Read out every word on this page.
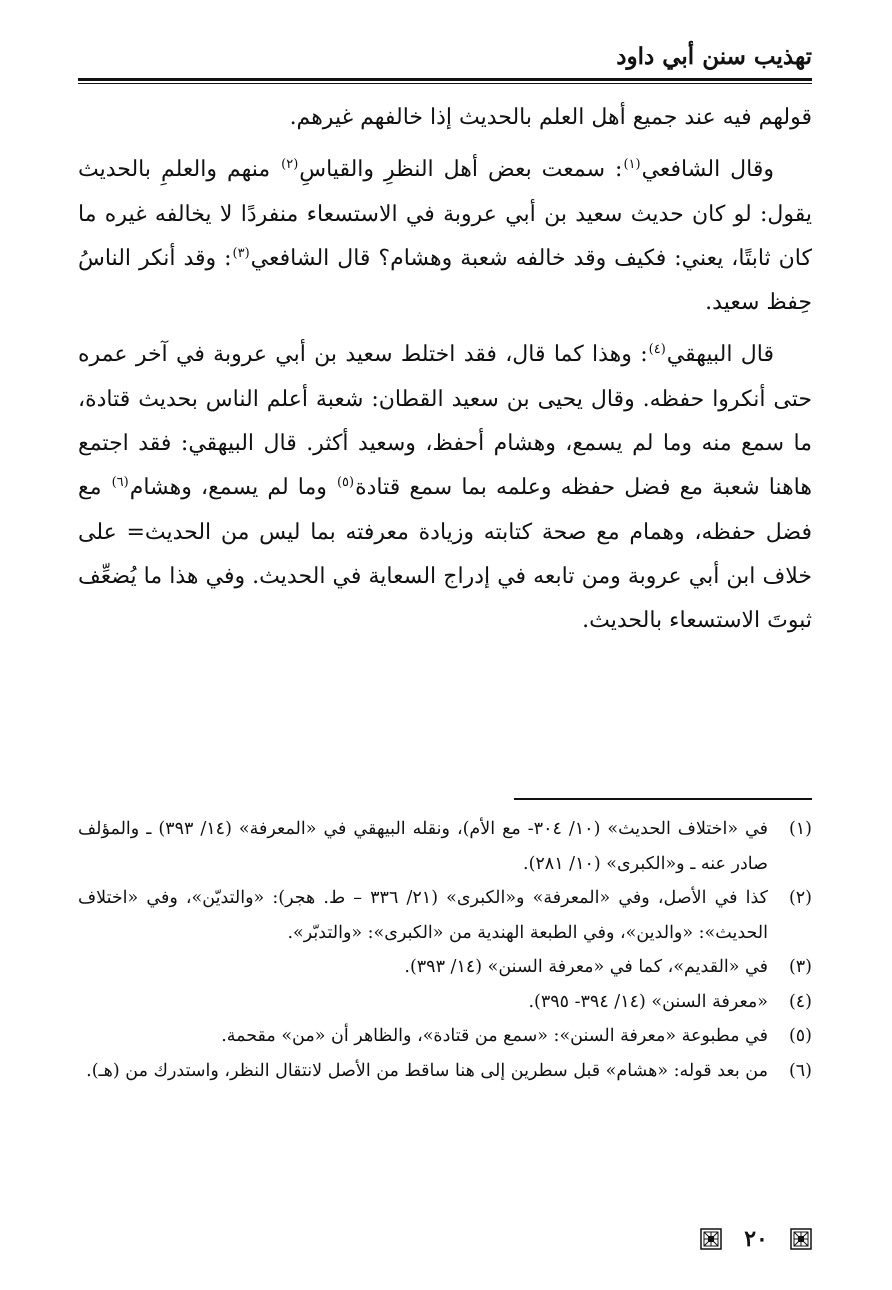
تهذيب سنن أبي داود

قولهم فيه عند جميع أهل العلم بالحديث إذا خالفهم غيرهم.

وقال الشافعي$^{(١)}$: سمعت بعض أهل النظرِ والقياسِ$^{(٢)}$ منهم والعلمِ بالحديث يقول: لو كان حديث سعيد بن أبي عروبة في الاستسعاء منفردًا لا يخالفه غيره ما كان ثابتًا، يعني: فكيف وقد خالفه شعبة وهشام؟ قال الشافعي$^{(٣)}$: وقد أنكر الناسُ حِفظ سعيد.

قال البيهقي$^{(٤)}$: وهذا كما قال، فقد اختلط سعيد بن أبي عروبة في آخر عمره حتى أنكروا حفظه. وقال يحيى بن سعيد القطان: شعبة أعلم الناس بحديث قتادة، ما سمع منه وما لم يسمع، وهشام أحفظ، وسعيد أكثر. قال البيهقي: فقد اجتمع هاهنا شعبة مع فضل حفظه وعلمه بما سمع قتادة$^{(٥)}$ وما لم يسمع، وهشام$^{(٦)}$ مع فضل حفظه، وهمام مع صحة كتابته وزيادة معرفته بما ليس من الحديث= على خلاف ابن أبي عروبة ومن تابعه في إدراج السعاية في الحديث. وفي هذا ما يُضعِّف ثبوتَ الاستسعاء بالحديث.

(١)
في «اختلاف الحديث» (١٠/ ٣٠٤- مع الأم)، ونقله البيهقي في «المعرفة» (١٤/ ٣٩٣) ـ والمؤلف صادر عنه ـ و«الكبرى» (١٠/ ٢٨١).
(٢)
كذا في الأصل، وفي «المعرفة» و«الكبرى» (٢١/ ٣٣٦ – ط. هجر): «والتديّن»، وفي «اختلاف الحديث»: «والدين»، وفي الطبعة الهندية من «الكبرى»: «والتدبّر».
(٣)
في «القديم»، كما في «معرفة السنن» (١٤/ ٣٩٣).
(٤)
«معرفة السنن» (١٤/ ٣٩٤- ٣٩٥).
(٥)
في مطبوعة «معرفة السنن»: «سمع من قتادة»، والظاهر أن «من» مقحمة.
(٦)
من بعد قوله: «هشام» قبل سطرين إلى هنا ساقط من الأصل لانتقال النظر، واستدرك من (هـ).
٢٠
